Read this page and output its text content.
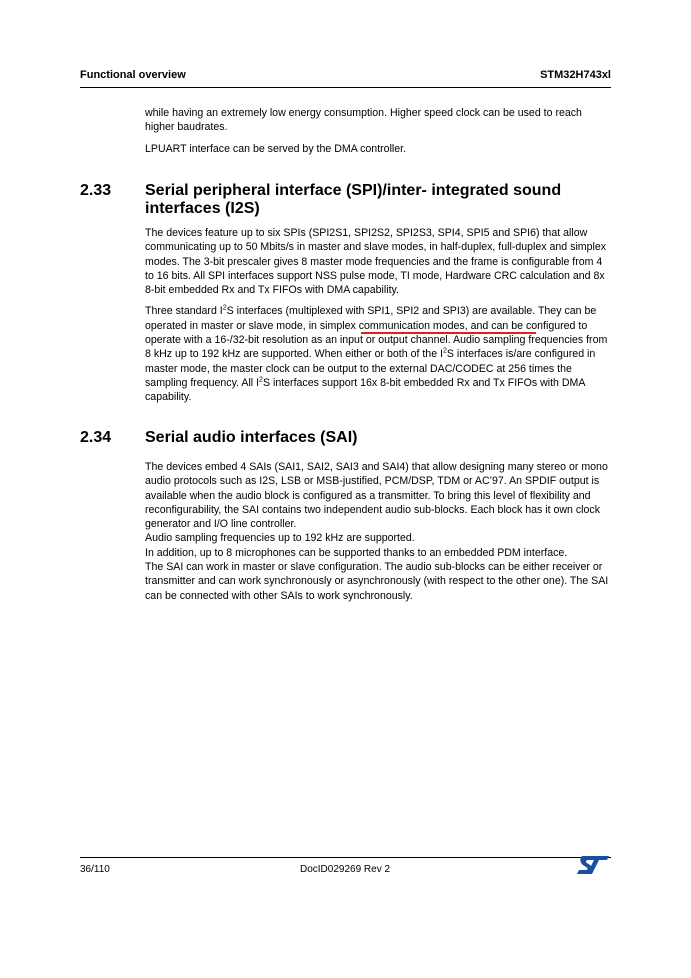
Functional overview	STM32H743xl

while having an extremely low energy consumption. Higher speed clock can be used to reach higher baudrates.

LPUART interface can be served by the DMA controller.

2.33 Serial peripheral interface (SPI)/inter- integrated sound interfaces (I2S)

The devices feature up to six SPIs (SPI2S1, SPI2S2, SPI2S3, SPI4, SPI5 and SPI6) that allow communicating up to 50 Mbits/s in master and slave modes, in half-duplex, full-duplex and simplex modes. The 3-bit prescaler gives 8 master mode frequencies and the frame is configurable from 4 to 16 bits. All SPI interfaces support NSS pulse mode, TI mode, Hardware CRC calculation and 8x 8-bit embedded Rx and Tx FIFOs with DMA capability.

Three standard $I^2S$ interfaces (multiplexed with SPI1, SPI2 and SPI3) are available. They can be operated in master or slave mode, in simplex communication modes, and can be configured to operate with a 16-/32-bit resolution as an input or output channel. Audio sampling frequencies from 8 kHz up to 192 kHz are supported. When either or both of the $I^2S$ interfaces is/are configured in master mode, the master clock can be output to the external DAC/CODEC at 256 times the sampling frequency. All $I^2S$ interfaces support 16x 8-bit embedded Rx and Tx FIFOs with DMA capability.

2.34 Serial audio interfaces (SAI)
The devices embed 4 SAIs (SAI1, SAI2, SAI3 and SAI4) that allow designing many stereo or mono audio protocols such as I2S, LSB or MSB-justified, PCM/DSP, TDM or AC’97. An SPDIF output is available when the audio block is configured as a transmitter. To bring this level of flexibility and reconfigurability, the SAI contains two independent audio sub-blocks. Each block has it own clock generator and I/O line controller.
Audio sampling frequencies up to 192 kHz are supported.
In addition, up to 8 microphones can be supported thanks to an embedded PDM interface.
The SAI can work in master or slave configuration. The audio sub-blocks can be either receiver or transmitter and can work synchronously or asynchronously (with respect to the other one). The SAI can be connected with other SAIs to work synchronously.
36/110	DocID029269 Rev 2
